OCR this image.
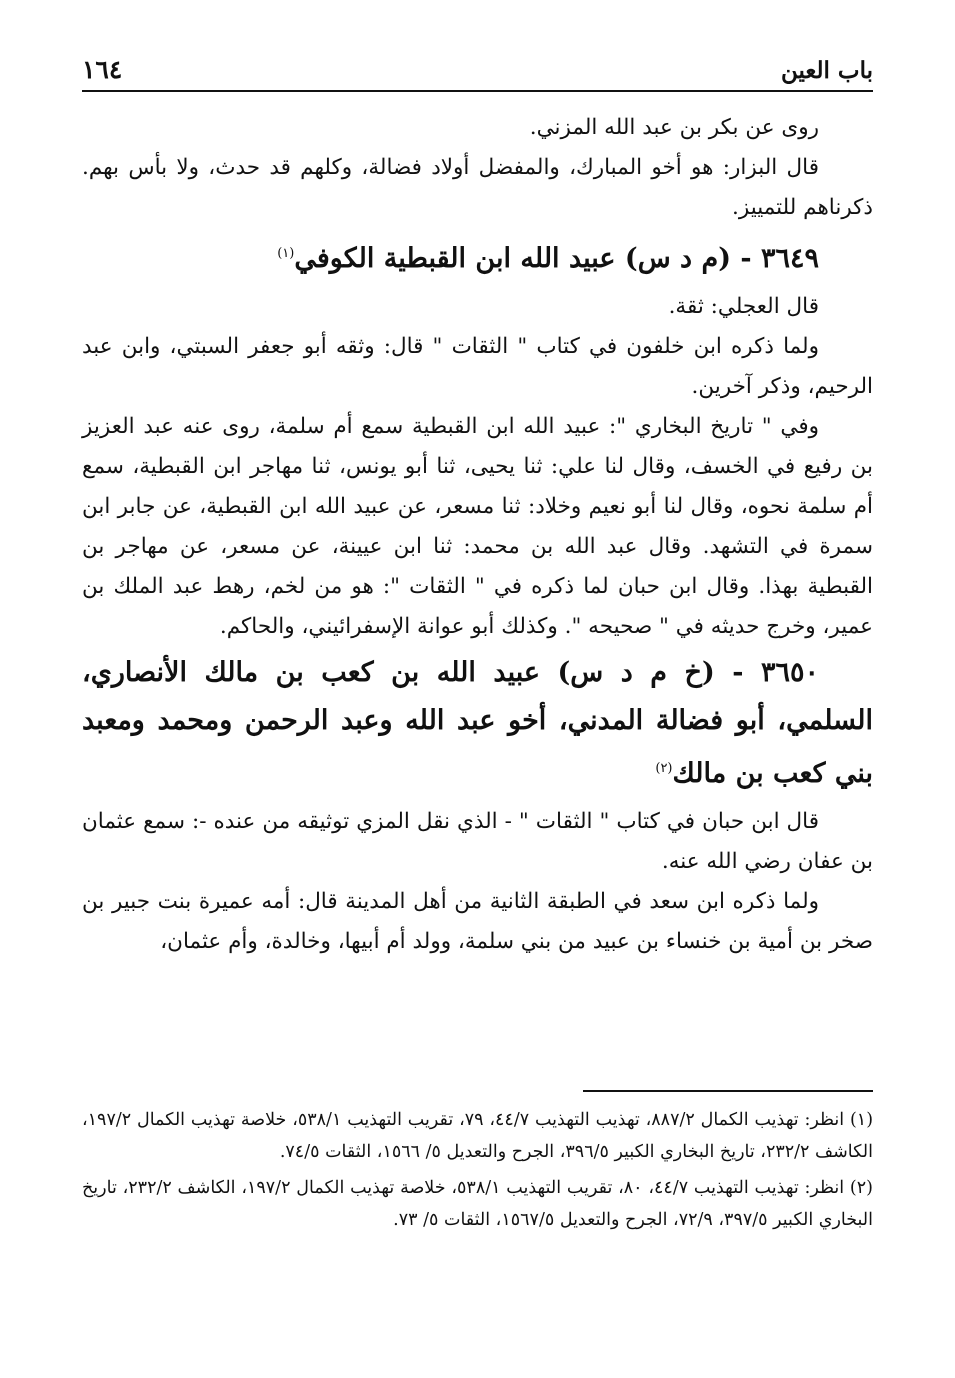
باب العين
١٦٤

روى عن بكر بن عبد الله المزني.

قال البزار: هو أخو المبارك، والمفضل أولاد فضالة، وكلهم قد حدث، ولا بأس بهم. ذكرناهم للتمييز.

٣٦٤٩ - (م د س) عبيد الله ابن القبطية الكوفي$^{(١)}$

قال العجلي: ثقة.

ولما ذكره ابن خلفون في كتاب " الثقات " قال: وثقه أبو جعفر السبتي، وابن عبد الرحيم، وذكر آخرين.

وفي " تاريخ البخاري ": عبيد الله ابن القبطية سمع أم سلمة، روى عنه عبد العزيز بن رفيع في الخسف، وقال لنا علي: ثنا يحيى، ثنا أبو يونس، ثنا مهاجر ابن القبطية، سمع أم سلمة نحوه، وقال لنا أبو نعيم وخلاد: ثنا مسعر، عن عبيد الله ابن القبطية، عن جابر ابن سمرة في التشهد. وقال عبد الله بن محمد: ثنا ابن عيينة، عن مسعر، عن مهاجر بن القبطية بهذا. وقال ابن حبان لما ذكره في " الثقات ": هو من لخم، رهط عبد الملك بن عمير، وخرج حديثه في " صحيحه ". وكذلك أبو عوانة الإسفرائيني، والحاكم.

٣٦٥٠ - (خ م د س) عبيد الله بن كعب بن مالك الأنصاري، السلمي، أبو فضالة المدني، أخو عبد الله وعبد الرحمن ومحمد ومعبد بني كعب بن مالك$^{(٢)}$

قال ابن حبان في كتاب " الثقات " - الذي نقل المزي توثيقه من عنده -: سمع عثمان بن عفان رضي الله عنه.

ولما ذكره ابن سعد في الطبقة الثانية من أهل المدينة قال: أمه عميرة بنت جبير بن صخر بن أمية بن خنساء بن عبيد من بني سلمة، وولد أم أبيها، وخالدة، وأم عثمان،

(١) انظر: تهذيب الكمال ٨٨٧/٢، تهذيب التهذيب ٤٤/٧، ٧٩، تقريب التهذيب ٥٣٨/١، خلاصة تهذيب الكمال ١٩٧/٢، الكاشف ٢٣٢/٢، تاريخ البخاري الكبير ٣٩٦/٥، الجرح والتعديل ٥/ ١٥٦٦، الثقات ٧٤/٥.
(٢) انظر: تهذيب التهذيب ٤٤/٧، ٨٠، تقريب التهذيب ٥٣٨/١، خلاصة تهذيب الكمال ١٩٧/٢، الكاشف ٢٣٢/٢، تاريخ البخاري الكبير ٣٩٧/٥، ٧٢/٩، الجرح والتعديل ١٥٦٧/٥، الثقات ٥/ ٧٣.
